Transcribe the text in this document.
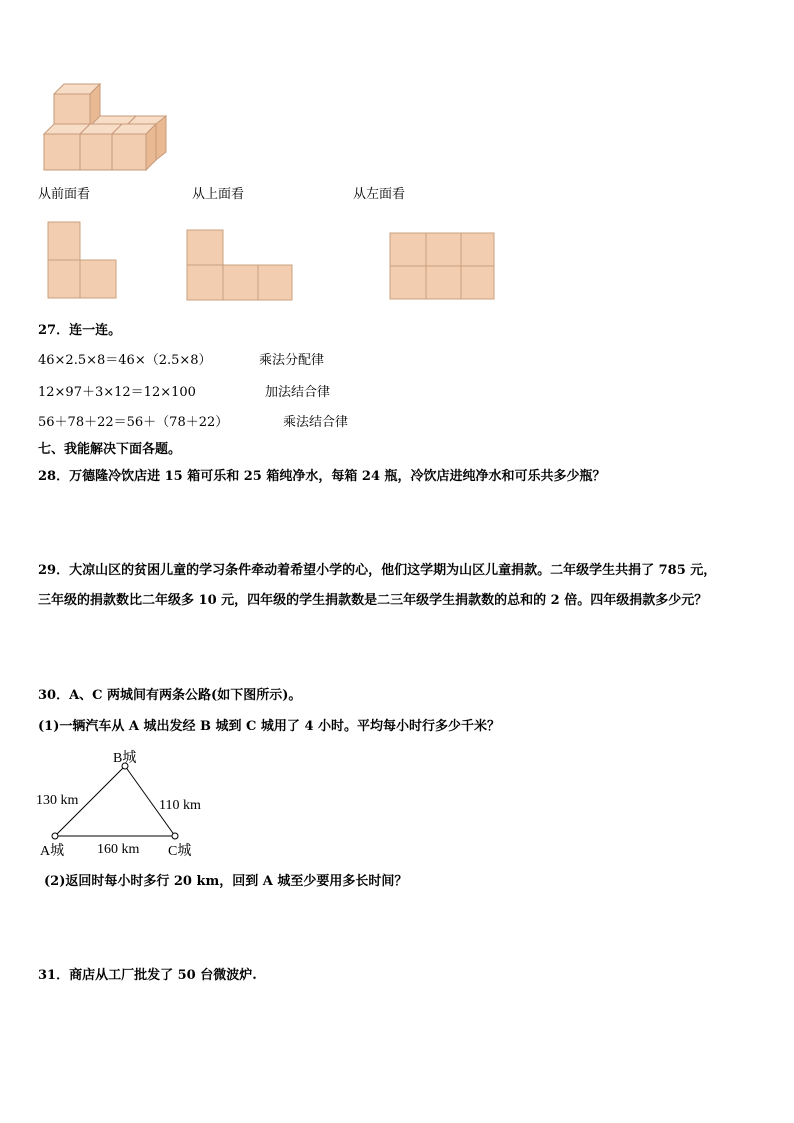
从前面看	从上面看	从左面看
27．连一连。
46×2.5×8＝46×（2.5×8）	乘法分配律
12×97＋3×12＝12×100	加法结合律
56＋78＋22＝56＋（78＋22）	乘法结合律
七、我能解决下面各题。
28．万德隆冷饮店进 15 箱可乐和 25 箱纯净水，每箱 24 瓶，冷饮店进纯净水和可乐共多少瓶？
29．大凉山区的贫困儿童的学习条件牵动着希望小学的心，他们这学期为山区儿童捐款。二年级学生共捐了 785 元，
三年级的捐款数比二年级多 10 元，四年级的学生捐款数是二三年级学生捐款数的总和的 2 倍。四年级捐款多少元？
30．A、C 两城间有两条公路(如下图所示)。
(1)一辆汽车从 A 城出发经 B 城到 C 城用了 4 小时。平均每小时行多少千米？
B城
A城	C城
130 km	110 km
160 km
(2)返回时每小时多行 20 km，回到 A 城至少要用多长时间？
31．商店从工厂批发了 50 台微波炉.
